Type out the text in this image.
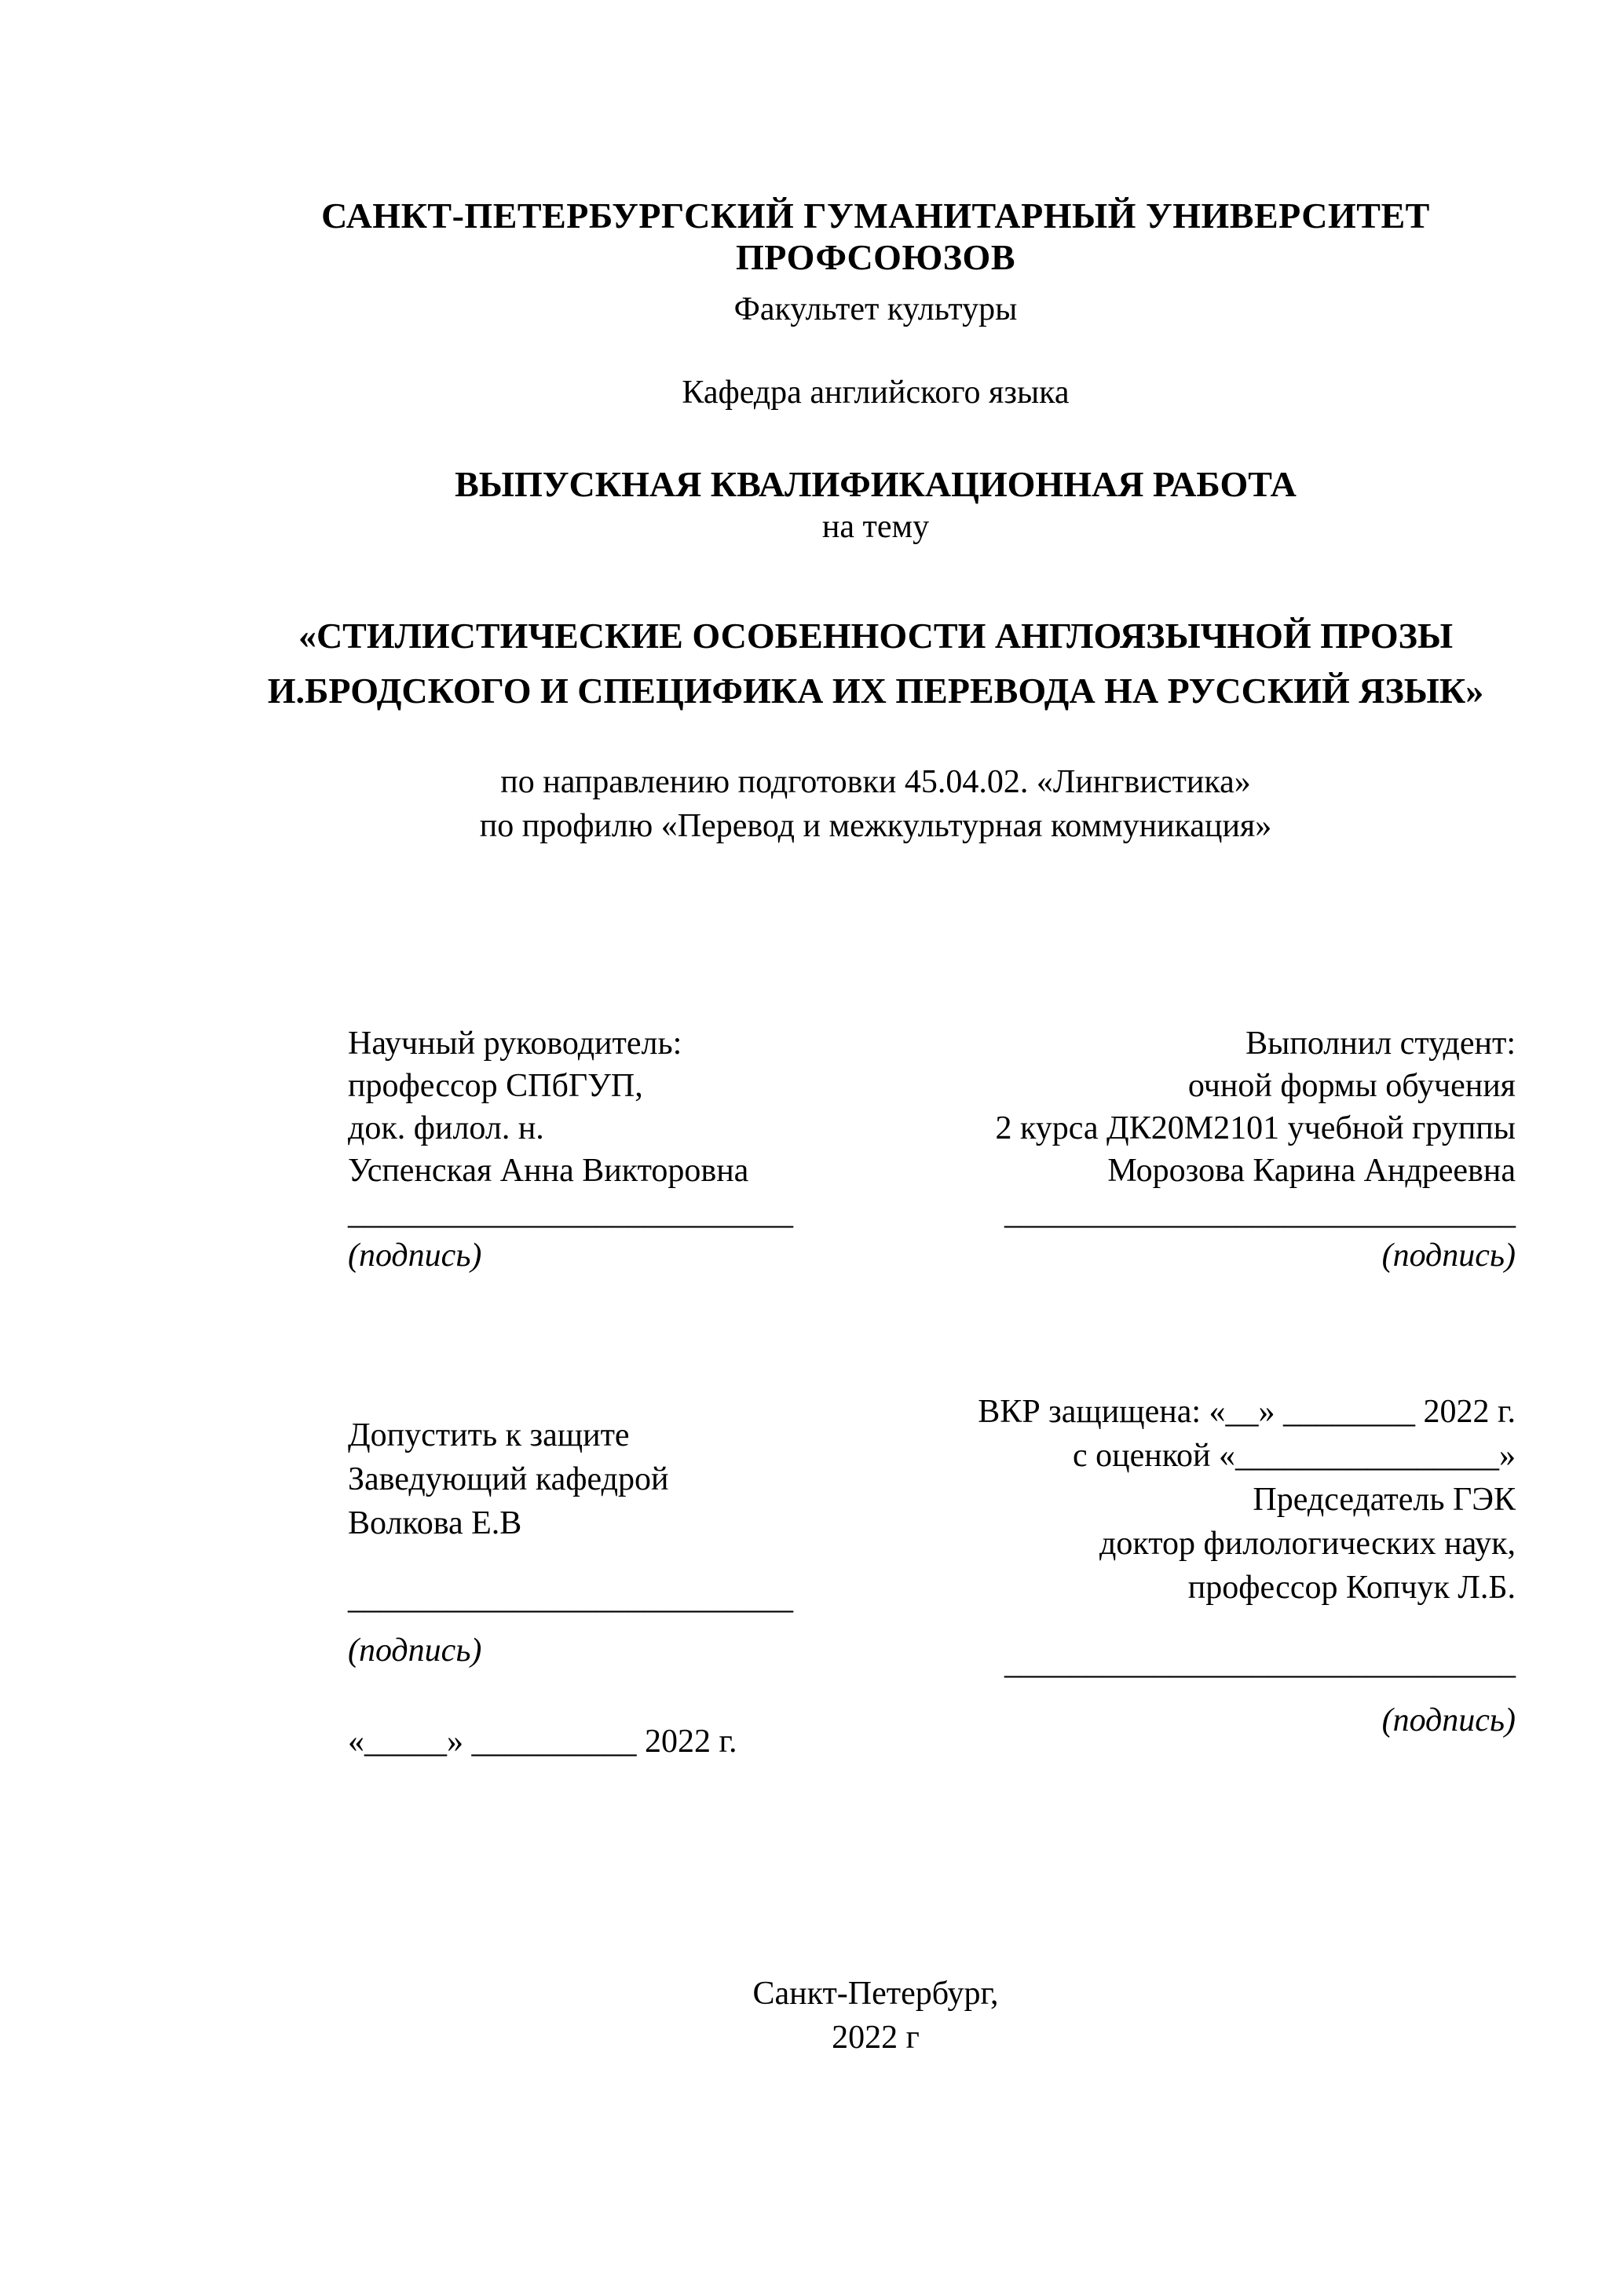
САНКТ-ПЕТЕРБУРГСКИЙ ГУМАНИТАРНЫЙ УНИВЕРСИТЕТ  ПРОФСОЮЗОВ
Факультет культуры
Кафедра английского языка
ВЫПУСКНАЯ КВАЛИФИКАЦИОННАЯ РАБОТА
на тему
«СТИЛИСТИЧЕСКИЕ ОСОБЕННОСТИ АНГЛОЯЗЫЧНОЙ ПРОЗЫ
И.БРОДСКОГО И СПЕЦИФИКА ИХ ПЕРЕВОДА НА РУССКИЙ ЯЗЫК»
по направлению подготовки 45.04.02. «Лингвистика»
по профилю «Перевод и межкультурная коммуникация»
Научный руководитель:
профессор СПбГУП,
док. филол. н.
Успенская Анна Викторовна
___________________________
(подпись)
Выполнил студент:
очной формы обучения
2 курса ДК20М2101 учебной группы
Морозова Карина Андреевна
_______________________________
(подпись)
Допустить к защите
Заведующий кафедрой
Волкова Е.В
___________________________
(подпись)
«_____» __________ 2022 г.
ВКР защищена: «__» ________ 2022 г.
с оценкой «________________»
Председатель ГЭК
доктор филологических наук,
профессор Копчук Л.Б.
_______________________________
(подпись)
Санкт-Петербург,
2022 г
